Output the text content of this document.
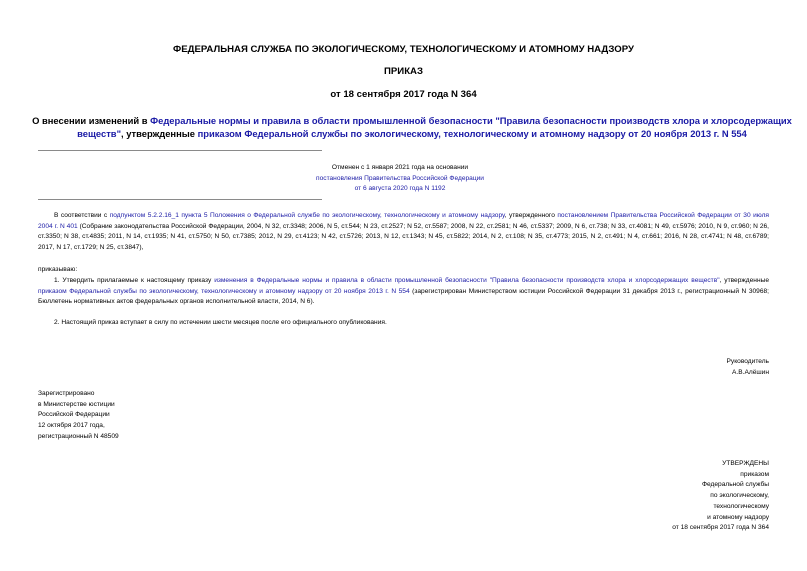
ФЕДЕРАЛЬНАЯ СЛУЖБА ПО ЭКОЛОГИЧЕСКОМУ, ТЕХНОЛОГИЧЕСКОМУ И АТОМНОМУ НАДЗОРУ
ПРИКАЗ
от 18 сентября 2017 года N 364
О внесении изменений в Федеральные нормы и правила в области промышленной безопасности "Правила безопасности производств хлора и хлорсодержащих веществ", утвержденные приказом Федеральной службы по экологическому, технологическому и атомному надзору от 20 ноября 2013 г. N 554
Отменен с 1 января 2021 года на основании
постановления Правительства Российской Федерации
от 6 августа 2020 года N 1192
В соответствии с подпунктом 5.2.2.16_1 пункта 5 Положения о Федеральной службе по экологическому, технологическому и атомному надзору, утвержденного постановлением Правительства Российской Федерации от 30 июля 2004 г. N 401 (Собрание законодательства Российской Федерации, 2004, N 32, ст.3348; 2006, N 5, ст.544; N 23, ст.2527; N 52, ст.5587; 2008, N 22, ст.2581; N 46, ст.5337; 2009, N 6, ст.738; N 33, ст.4081; N 49, ст.5976; 2010, N 9, ст.960; N 26, ст.3350; N 38, ст.4835; 2011, N 14, ст.1935; N 41, ст.5750; N 50, ст.7385; 2012, N 29, ст.4123; N 42, ст.5726; 2013, N 12, ст.1343; N 45, ст.5822; 2014, N 2, ст.108; N 35, ст.4773; 2015, N 2, ст.491; N 4, ст.661; 2016, N 28, ст.4741; N 48, ст.6789; 2017, N 17, ст.1729; N 25, ст.3847),
приказываю:
1. Утвердить прилагаемые к настоящему приказу изменения в Федеральные нормы и правила в области промышленной безопасности "Правила безопасности производств хлора и хлорсодержащих веществ", утвержденные приказом Федеральной службы по экологическому, технологическому и атомному надзору от 20 ноября 2013 г. N 554 (зарегистрирован Министерством юстиции Российской Федерации 31 декабря 2013 г., регистрационный N 30968; Бюллетень нормативных актов федеральных органов исполнительной власти, 2014, N 6).
2. Настоящий приказ вступает в силу по истечении шести месяцев после его официального опубликования.
Руководитель
А.В.Алёшин
Зарегистрировано
в Министерстве юстиции
Российской Федерации
12 октября 2017 года,
регистрационный N 48509
УТВЕРЖДЕНЫ
приказом
Федеральной службы
по экологическому,
технологическому
и атомному надзору
от 18 сентября 2017 года N 364
